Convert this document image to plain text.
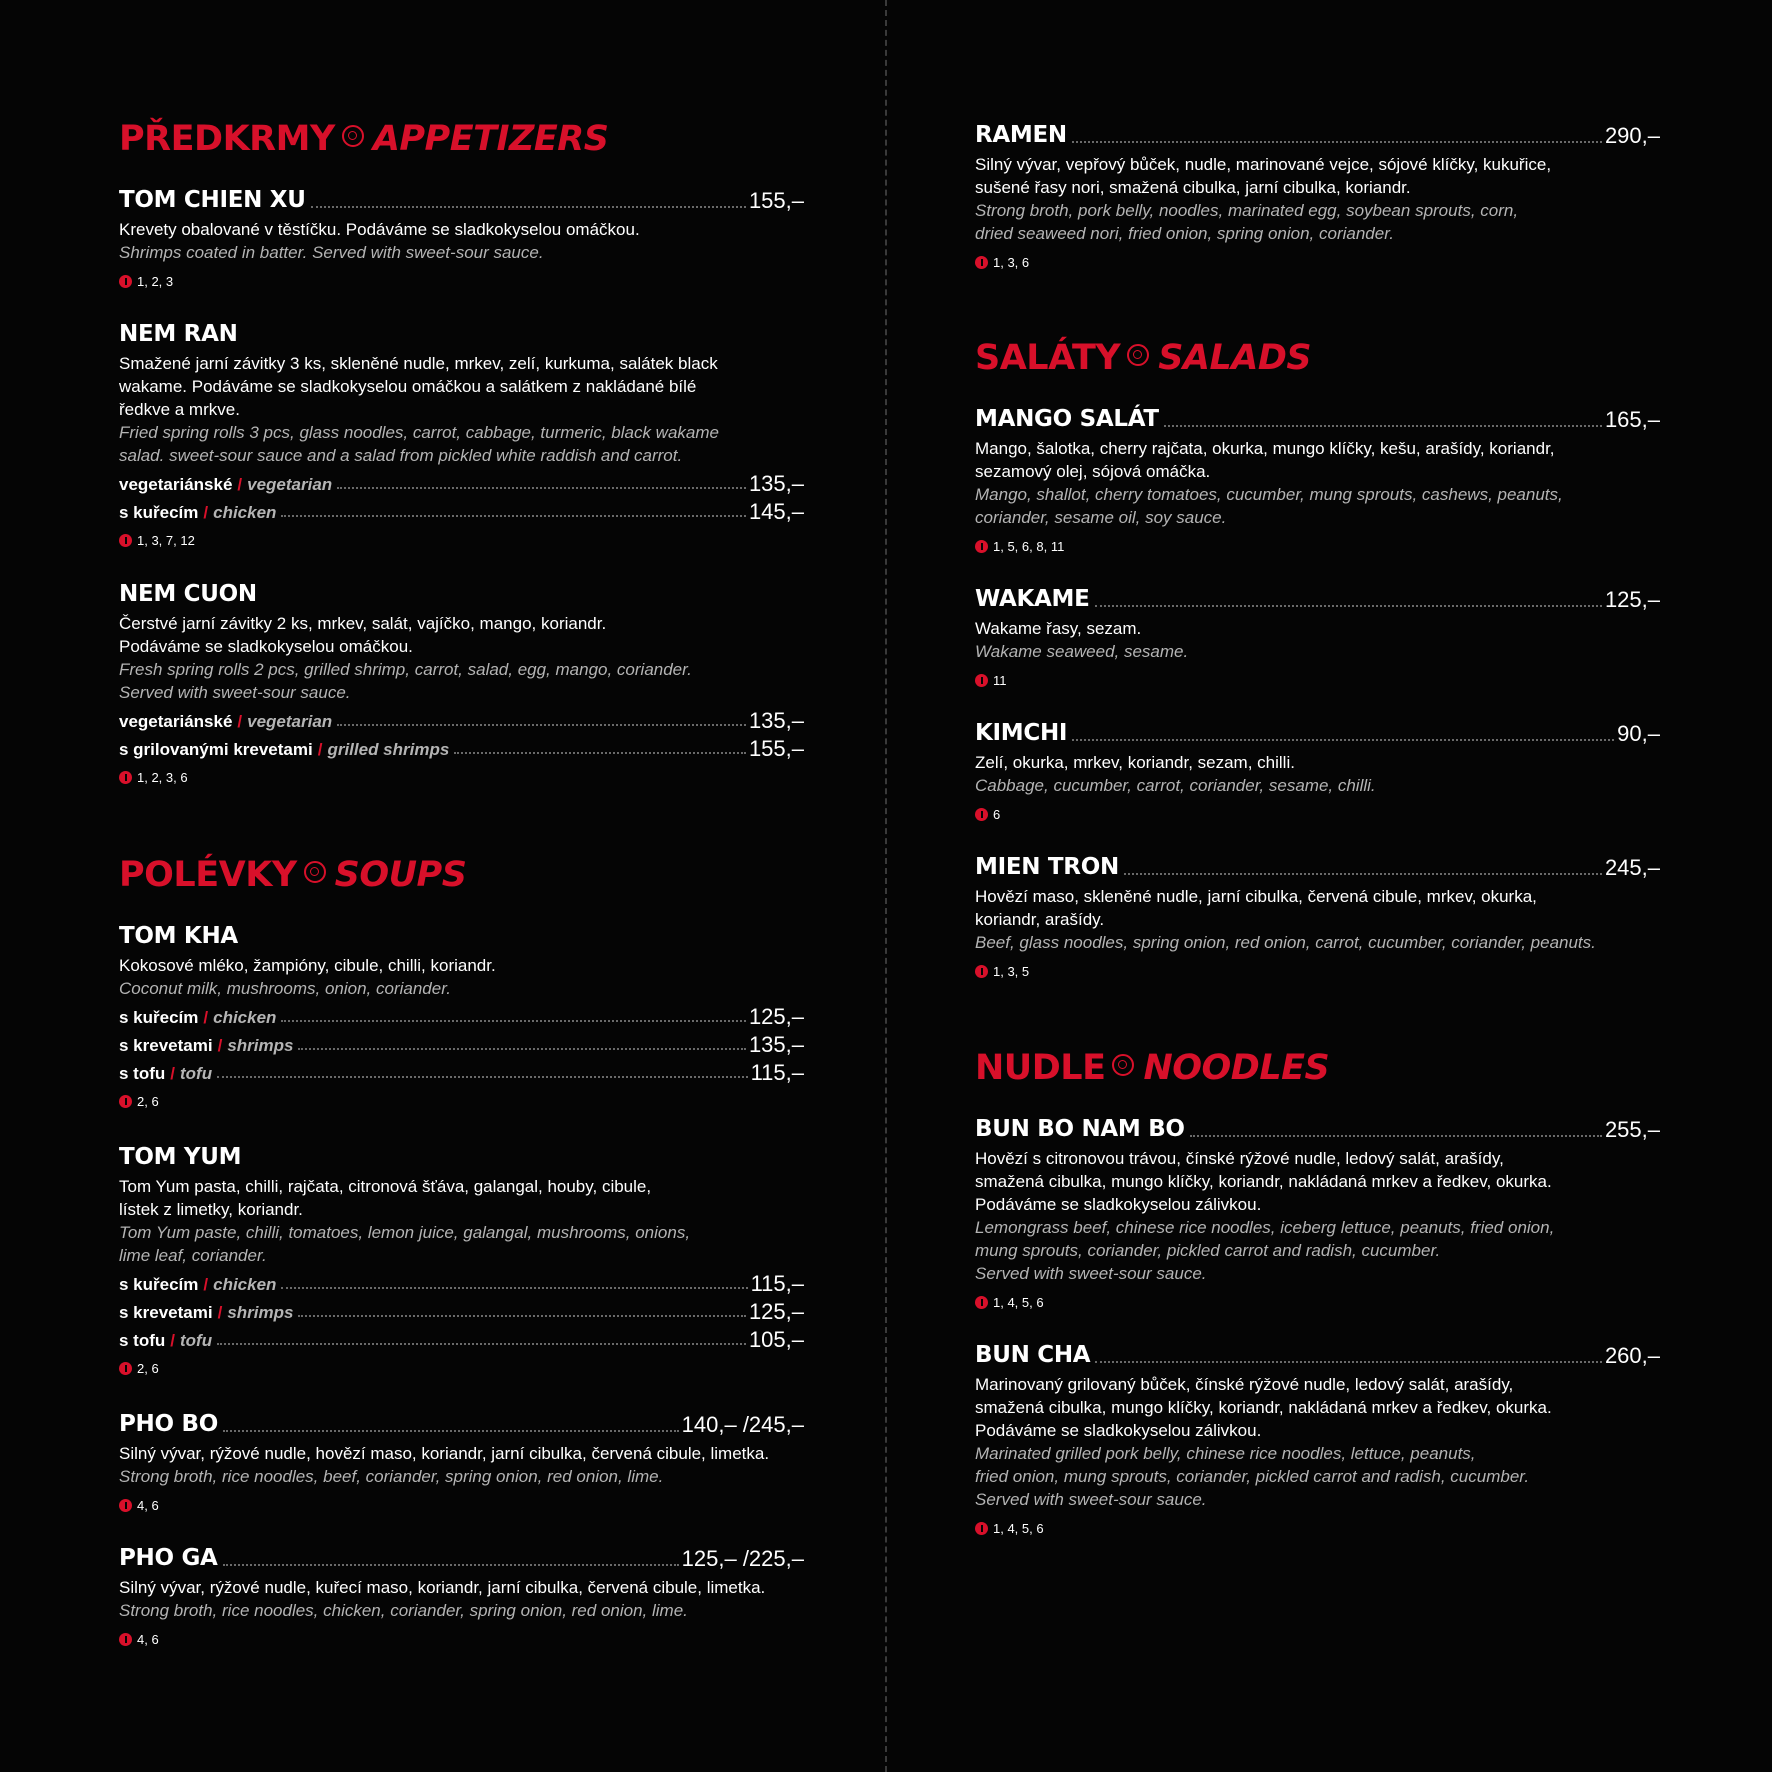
PŘEDKRMY APPETIZERS
TOM CHIEN XU	155,–
Krevety obalované v těstíčku. Podáváme se sladkokyselou omáčkou.
Shrimps coated in batter. Served with sweet-sour sauce.
1, 2, 3
NEM RAN
Smažené jarní závitky 3 ks, skleněné nudle, mrkev, zelí, kurkuma, salátek black
wakame. Podáváme se sladkokyselou omáčkou a salátkem z nakládané bílé
ředkve a mrkve.
Fried spring rolls 3 pcs, glass noodles, carrot, cabbage, turmeric, black wakame
salad. sweet-sour sauce and a salad from pickled white raddish and carrot.
vegetariánské / vegetarian	135,–
s kuřecím / chicken	145,–
1, 3, 7, 12
NEM CUON
Čerstvé jarní závitky 2 ks, mrkev, salát, vajíčko, mango, koriandr.
Podáváme se sladkokyselou omáčkou.
Fresh spring rolls 2 pcs, grilled shrimp, carrot, salad, egg, mango, coriander.
Served with sweet-sour sauce.
vegetariánské / vegetarian	135,–
s grilovanými krevetami / grilled shrimps	155,–
1, 2, 3, 6
POLÉVKY SOUPS
TOM KHA
Kokosové mléko, žampióny, cibule, chilli, koriandr.
Coconut milk, mushrooms, onion, coriander.
s kuřecím / chicken	125,–
s krevetami / shrimps	135,–
s tofu / tofu	115,–
2, 6
TOM YUM
Tom Yum pasta, chilli, rajčata, citronová šťáva, galangal, houby, cibule,
lístek z limetky, koriandr.
Tom Yum paste, chilli, tomatoes, lemon juice, galangal, mushrooms, onions,
lime leaf, coriander.
s kuřecím / chicken	115,–
s krevetami / shrimps	125,–
s tofu / tofu	105,–
2, 6
PHO BO	140,– /245,–
Silný vývar, rýžové nudle, hovězí maso, koriandr, jarní cibulka, červená cibule, limetka.
Strong broth, rice noodles, beef, coriander, spring onion, red onion, lime.
4, 6
PHO GA	125,– /225,–
Silný vývar, rýžové nudle, kuřecí maso, koriandr, jarní cibulka, červená cibule, limetka.
Strong broth, rice noodles, chicken, coriander, spring onion, red onion, lime.
4, 6
RAMEN	290,–
Silný vývar, vepřový bůček, nudle, marinované vejce, sójové klíčky, kukuřice,
sušené řasy nori, smažená cibulka, jarní cibulka, koriandr.
Strong broth, pork belly, noodles, marinated egg, soybean sprouts, corn,
dried seaweed nori, fried onion, spring onion, coriander.
1, 3, 6
SALÁTY SALADS
MANGO SALÁT	165,–
Mango, šalotka, cherry rajčata, okurka, mungo klíčky, kešu, arašídy, koriandr,
sezamový olej, sójová omáčka.
Mango, shallot, cherry tomatoes, cucumber, mung sprouts, cashews, peanuts,
coriander, sesame oil, soy sauce.
1, 5, 6, 8, 11
WAKAME	125,–
Wakame řasy, sezam.
Wakame seaweed, sesame.
11
KIMCHI	90,–
Zelí, okurka, mrkev, koriandr, sezam, chilli.
Cabbage, cucumber, carrot, coriander, sesame, chilli.
6
MIEN TRON	245,–
Hovězí maso, skleněné nudle, jarní cibulka, červená cibule, mrkev, okurka,
koriandr, arašídy.
Beef, glass noodles, spring onion, red onion, carrot, cucumber, coriander, peanuts.
1, 3, 5
NUDLE NOODLES
BUN BO NAM BO	255,–
Hovězí s citronovou trávou, čínské rýžové nudle, ledový salát, arašídy,
smažená cibulka, mungo klíčky, koriandr, nakládaná mrkev a ředkev, okurka.
Podáváme se sladkokyselou zálivkou.
Lemongrass beef, chinese rice noodles, iceberg lettuce, peanuts, fried onion,
mung sprouts, coriander, pickled carrot and radish, cucumber.
Served with sweet-sour sauce.
1, 4, 5, 6
BUN CHA	260,–
Marinovaný grilovaný bůček, čínské rýžové nudle, ledový salát, arašídy,
smažená cibulka, mungo klíčky, koriandr, nakládaná mrkev a ředkev, okurka.
Podáváme se sladkokyselou zálivkou.
Marinated grilled pork belly, chinese rice noodles, lettuce, peanuts,
fried onion, mung sprouts, coriander, pickled carrot and radish, cucumber.
Served with sweet-sour sauce.
1, 4, 5, 6
